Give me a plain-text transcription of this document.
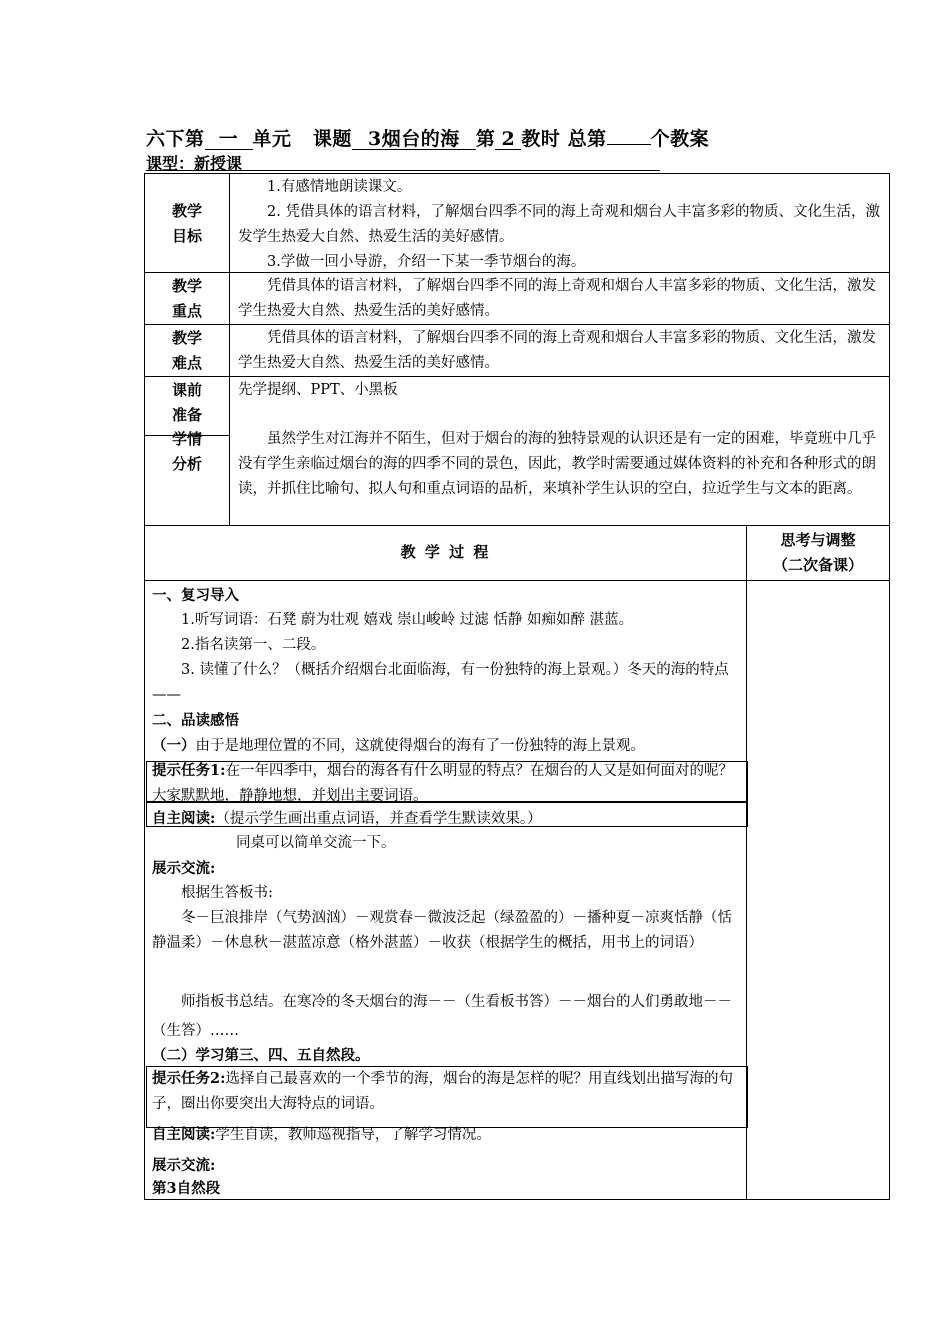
六下第 一 单元 课题 3烟台的海 第 2 教时 总第 个教案
课型：新授课
教学
目标

1.有感情地朗读课文。

2. 凭借具体的语言材料，了解烟台四季不同的海上奇观和烟台人丰富多彩的物质、文化生活，激发学生热爱大自然、热爱生活的美好感情。

3.学做一回小导游，介绍一下某一季节烟台的海。

教学
重点

凭借具体的语言材料，了解烟台四季不同的海上奇观和烟台人丰富多彩的物质、文化生活，激发学生热爱大自然、热爱生活的美好感情。

教学
难点

凭借具体的语言材料，了解烟台四季不同的海上奇观和烟台人丰富多彩的物质、文化生活，激发学生热爱大自然、热爱生活的美好感情。

课前
准备

先学提纲、PPT、小黑板

学情
分析

虽然学生对江海并不陌生，但对于烟台的海的独特景观的认识还是有一定的困难，毕竟班中几乎没有学生亲临过烟台的海的四季不同的景色，因此，教学时需要通过媒体资料的补充和各种形式的朗读，并抓住比喻句、拟人句和重点词语的品析，来填补学生认识的空白，拉近学生与文本的距离。

教 学 过 程
思考与调整
（二次备课）
一、复习导入
1.听写词语：石凳 蔚为壮观 嬉戏 崇山峻岭 过滤 恬静 如痴如醉 湛蓝。
2.指名读第一、二段。
3. 读懂了什么？（概括介绍烟台北面临海，有一份独特的海上景观。）冬天的海的特点——
二、品读感悟
（一）由于是地理位置的不同，这就使得烟台的海有了一份独特的海上景观。
提示任务1:在一年四季中，烟台的海各有什么明显的特点？在烟台的人又是如何面对的呢？大家默默地，静静地想，并划出主要词语。
自主阅读:（提示学生画出重点词语，并查看学生默读效果。）
同桌可以简单交流一下。
展示交流:
根据生答板书:
冬－巨浪排岸（气势汹汹）－观赏春－微波泛起（绿盈盈的）－播种夏－凉爽恬静（恬静温柔）－休息秋－湛蓝凉意（格外湛蓝）－收获（根据学生的概括，用书上的词语）
师指板书总结。在寒冷的冬天烟台的海－－（生看板书答）－－烟台的人们勇敢地－－（生答）……
（二）学习第三、四、五自然段。
提示任务2:选择自己最喜欢的一个季节的海，烟台的海是怎样的呢？用直线划出描写海的句子，圈出你要突出大海特点的词语。
自主阅读:学生自读，教师巡视指导，了解学习情况。
展示交流:
第3自然段
